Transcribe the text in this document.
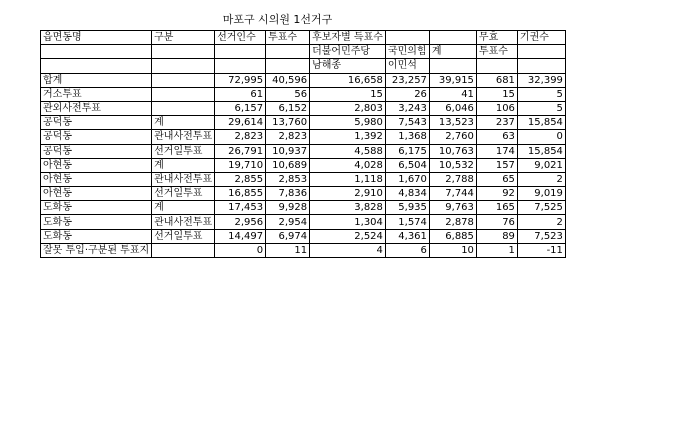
마포구 시의원 1선거구
읍면동명	구분	선거인수	투표수	후보자별 득표수			무효	기권수
				더불어민주당	국민의힘	계	투표수	
				남해종	이민석			
합계		72,995	40,596	16,658	23,257	39,915	681	32,399
거소투표		61	56	15	26	41	15	5
관외사전투표		6,157	6,152	2,803	3,243	6,046	106	5
공덕동	계	29,614	13,760	5,980	7,543	13,523	237	15,854
공덕동	관내사전투표	2,823	2,823	1,392	1,368	2,760	63	0
공덕동	선거일투표	26,791	10,937	4,588	6,175	10,763	174	15,854
아현동	계	19,710	10,689	4,028	6,504	10,532	157	9,021
아현동	관내사전투표	2,855	2,853	1,118	1,670	2,788	65	2
아현동	선거일투표	16,855	7,836	2,910	4,834	7,744	92	9,019
도화동	계	17,453	9,928	3,828	5,935	9,763	165	7,525
도화동	관내사전투표	2,956	2,954	1,304	1,574	2,878	76	2
도화동	선거일투표	14,497	6,974	2,524	4,361	6,885	89	7,523
잘못 투입·구분된 투표지		0	11	4	6	10	1	-11
